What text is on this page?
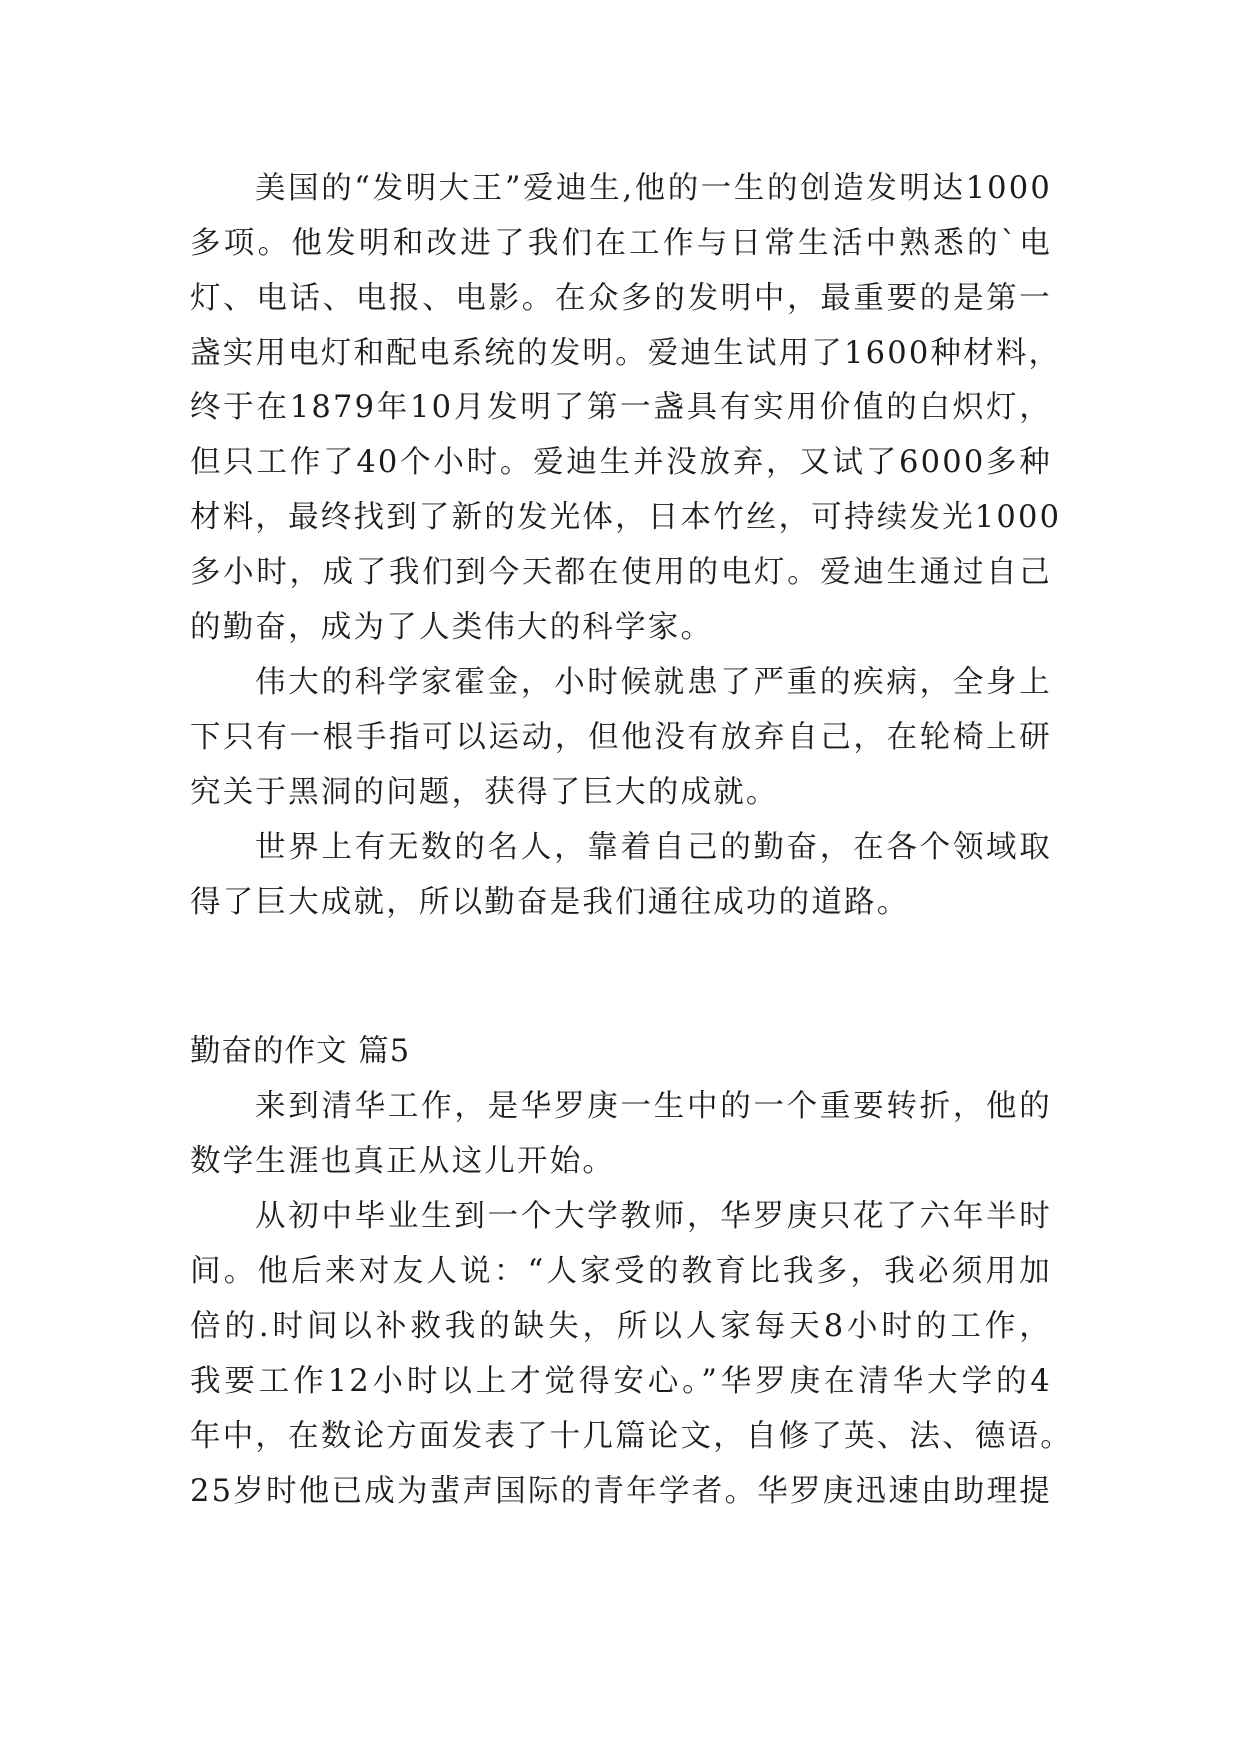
美国的“发明大王”爱迪生,他的一生的创造发明达1000
多项。他发明和改进了我们在工作与日常生活中熟悉的`电
灯、电话、电报、电影。在众多的发明中，最重要的是第一
盏实用电灯和配电系统的发明。爱迪生试用了1600种材料，
终于在1879年10月发明了第一盏具有实用价值的白炽灯，
但只工作了40个小时。爱迪生并没放弃，又试了6000多种
材料，最终找到了新的发光体，日本竹丝，可持续发光1000
多小时，成了我们到今天都在使用的电灯。爱迪生通过自己
的勤奋，成为了人类伟大的科学家。
伟大的科学家霍金，小时候就患了严重的疾病，全身上
下只有一根手指可以运动，但他没有放弃自己，在轮椅上研
究关于黑洞的问题，获得了巨大的成就。
世界上有无数的名人，靠着自己的勤奋，在各个领域取
得了巨大成就，所以勤奋是我们通往成功的道路。
勤奋的作文 篇5
来到清华工作，是华罗庚一生中的一个重要转折，他的
数学生涯也真正从这儿开始。
从初中毕业生到一个大学教师，华罗庚只花了六年半时
间。他后来对友人说：“人家受的教育比我多，我必须用加
倍的.时间以补救我的缺失，所以人家每天8小时的工作，
我要工作12小时以上才觉得安心。”华罗庚在清华大学的4
年中，在数论方面发表了十几篇论文，自修了英、法、德语。
25岁时他已成为蜚声国际的青年学者。华罗庚迅速由助理提
